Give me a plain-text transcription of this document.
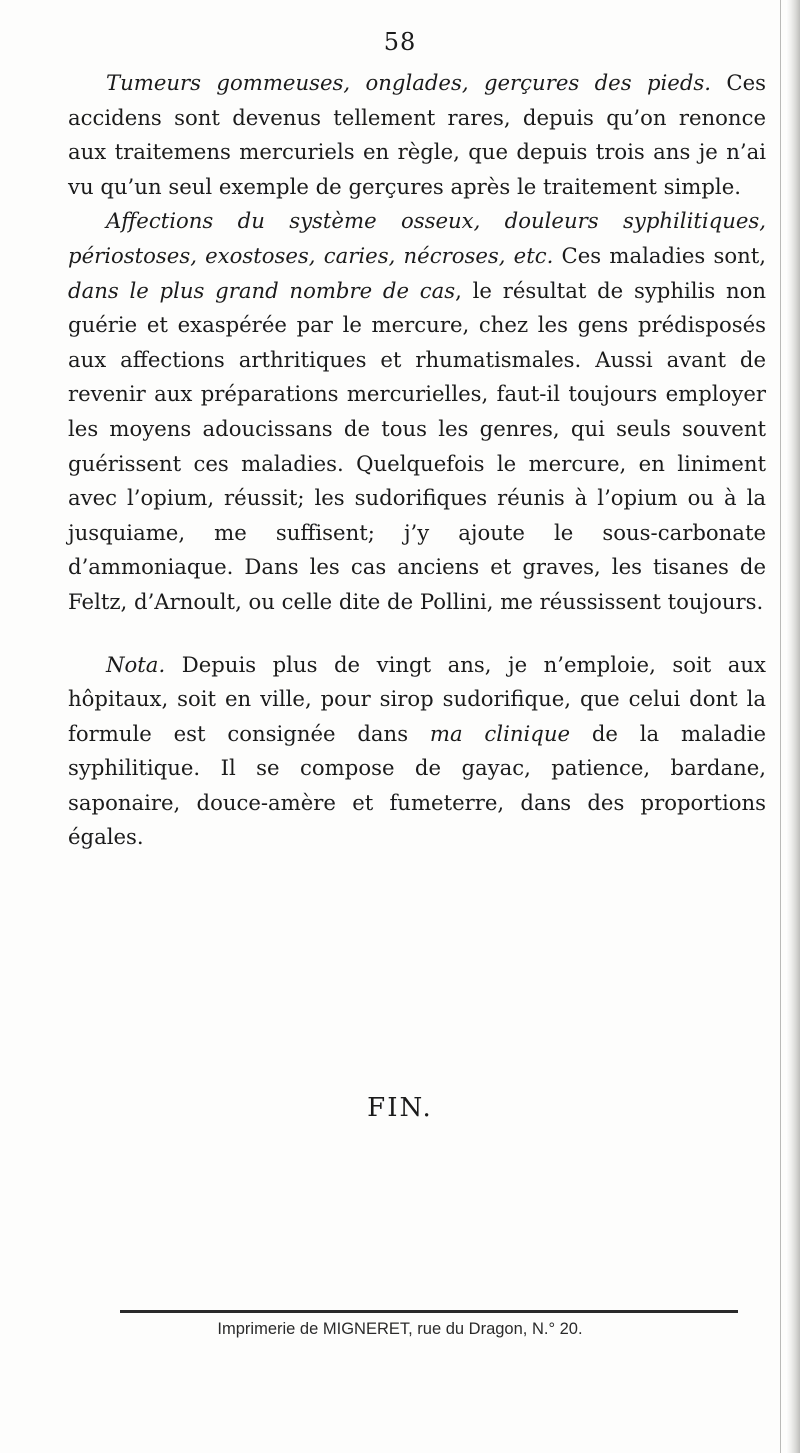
58

Tumeurs gommeuses, onglades, gerçures des pieds. Ces accidens sont devenus tellement rares, depuis qu’on renonce aux traitemens mercuriels en règle, que depuis trois ans je n’ai vu qu’un seul exemple de gerçures après le traitement simple.

Affections du système osseux, douleurs syphilitiques, périostoses, exostoses, caries, nécroses, etc. Ces maladies sont, dans le plus grand nombre de cas, le résultat de syphilis non guérie et exaspérée par le mercure, chez les gens prédisposés aux affections arthritiques et rhumatismales. Aussi avant de revenir aux préparations mercurielles, faut-il toujours employer les moyens adoucissans de tous les genres, qui seuls souvent guérissent ces maladies. Quelquefois le mercure, en liniment avec l’opium, réussit; les sudorifiques réunis à l’opium ou à la jusquiame, me suffisent; j’y ajoute le sous-carbonate d’ammoniaque. Dans les cas anciens et graves, les tisanes de Feltz, d’Arnoult, ou celle dite de Pollini, me réussissent toujours.

Nota. Depuis plus de vingt ans, je n’emploie, soit aux hôpitaux, soit en ville, pour sirop sudorifique, que celui dont la formule est consignée dans ma clinique de la maladie syphilitique. Il se compose de gayac, patience, bardane, saponaire, douce-amère et fumeterre, dans des proportions égales.

FIN.
Imprimerie de MIGNERET, rue du Dragon, N.° 20.
